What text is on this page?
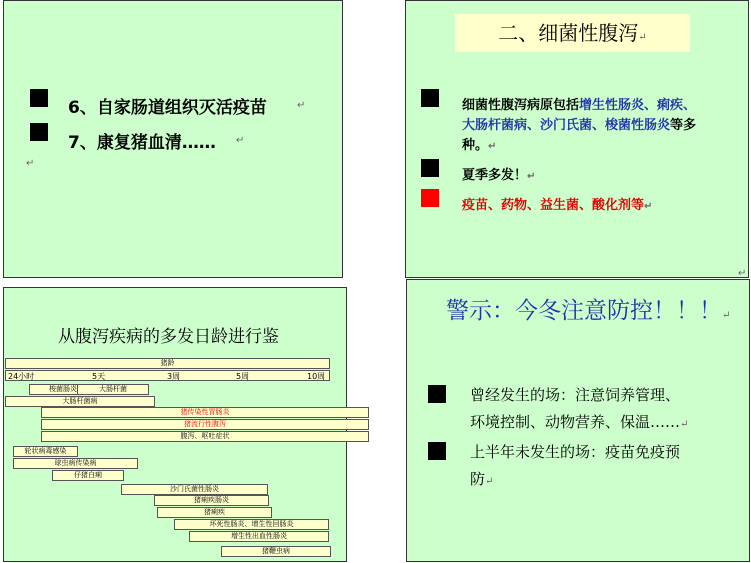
6、自家肠道组织灭活疫苗
7、康复猪血清……
↵
↵
↵
二、细菌性腹泻↵
细菌性腹泻病原包括增生性肠炎、痢疾、
大肠杆菌病、沙门氏菌、梭菌性肠炎等多
种。↵
夏季多发！↵
疫苗、药物、益生菌、酸化剂等↵
↵
从腹泻疾病的多发日龄进行鉴
猪龄
梭菌肠炎	大肠杆菌
大肠杆菌病
猪传染性胃肠炎
猪流行性腹泻
腹泻、呕吐症状
轮状病毒感染
球虫病传染病
仔猪白痢
沙门氏菌性肠炎
猪痢疾肠炎
猪痢疾
坏死性肠炎、增生性回肠炎
增生性出血性肠炎
猪鞭虫病
24小时	5天	3周	5周	10周
警示：今冬注意防控！！！↵
曾经发生的场：注意饲养管理、
环境控制、动物营养、保温……↵
上半年未发生的场：疫苗免疫预
防↵
